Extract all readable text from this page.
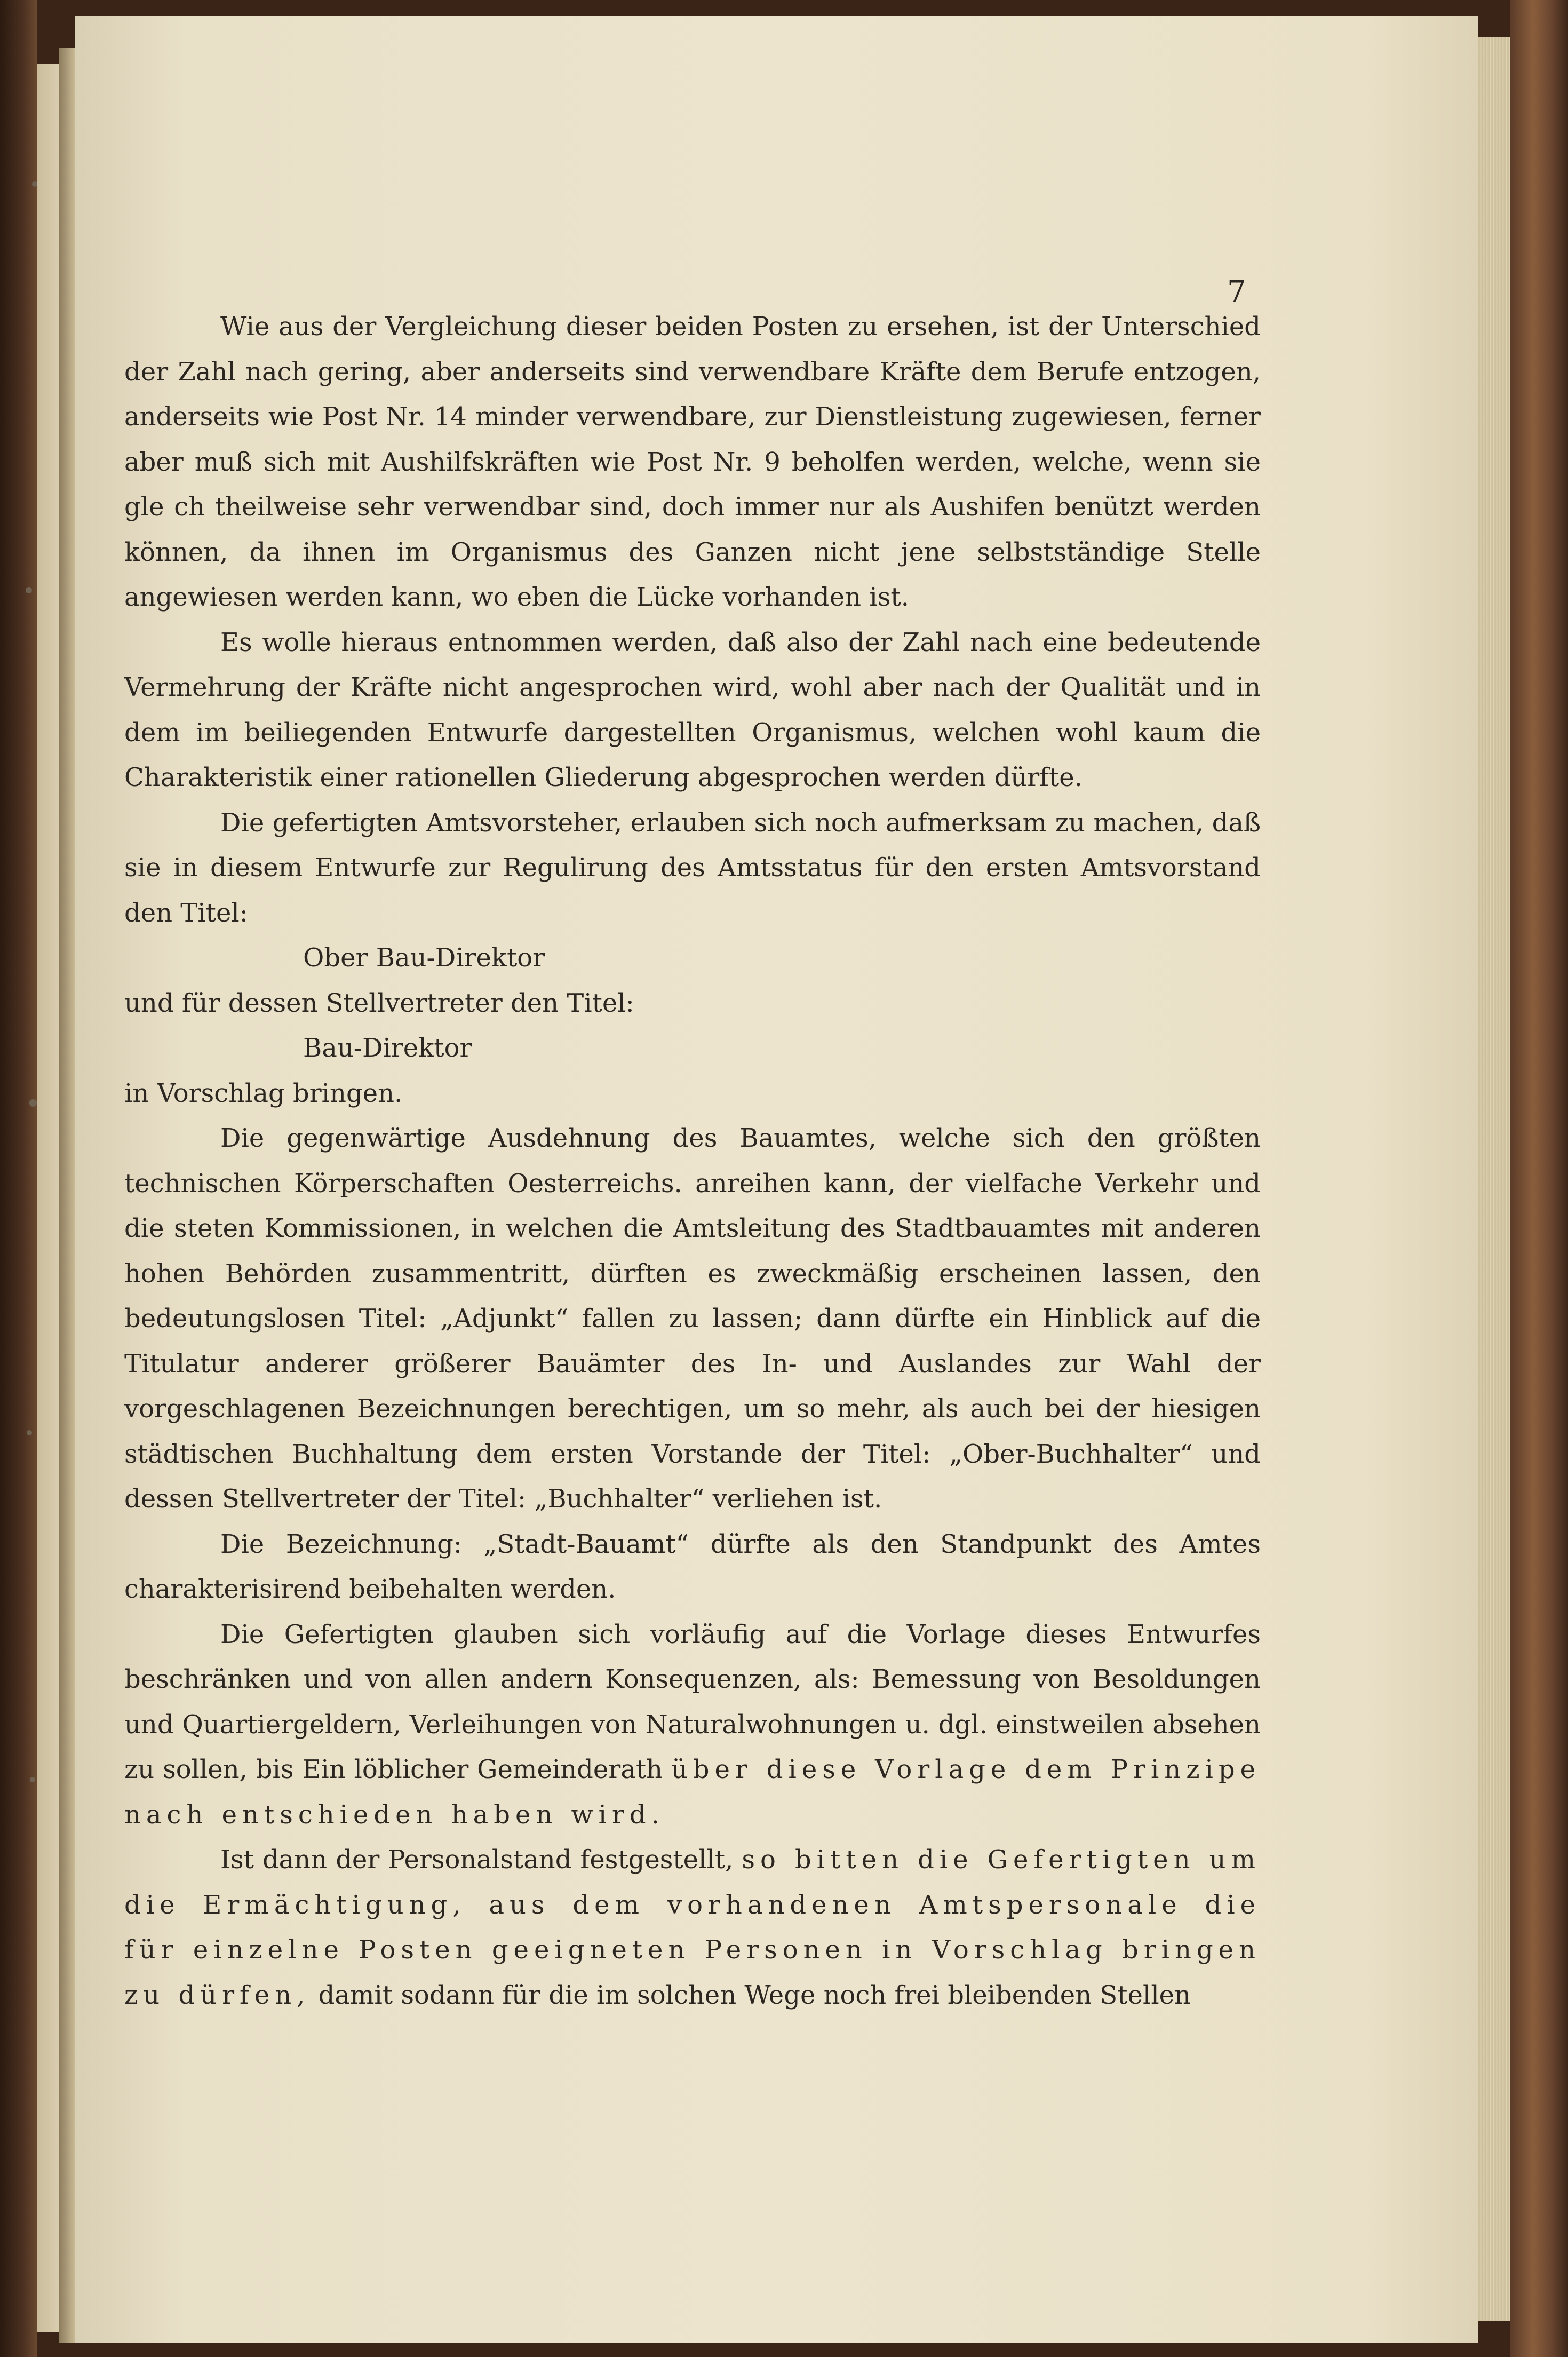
7

Wie aus der Vergleichung dieser beiden Posten zu ersehen, ist der Unterschied der Zahl nach gering, aber anderseits sind verwendbare Kräfte dem Berufe entzogen, anderseits wie Post Nr. 14 minder verwendbare, zur Dienstleistung zugewiesen, ferner aber muß sich mit Aushilfskräften wie Post Nr. 9 beholfen werden, welche, wenn sie gle ch theilweise sehr verwendbar sind, doch immer nur als Aushifen benützt werden können, da ihnen im Organismus des Ganzen nicht jene selbstständige Stelle angewiesen werden kann, wo eben die Lücke vorhanden ist.

Es wolle hieraus entnommen werden, daß also der Zahl nach eine bedeutende Vermehrung der Kräfte nicht angesprochen wird, wohl aber nach der Qualität und in dem im beiliegenden Entwurfe dargestellten Organismus, welchen wohl kaum die Charakteristik einer rationellen Gliederung abgesprochen werden dürfte.

Die gefertigten Amtsvorsteher, erlauben sich noch aufmerksam zu machen, daß sie in diesem Entwurfe zur Regulirung des Amtsstatus für den ersten Amtsvorstand den Titel:

Ober Bau-Direktor

und für dessen Stellvertreter den Titel:

Bau-Direktor

in Vorschlag bringen.

Die gegenwärtige Ausdehnung des Bauamtes, welche sich den größten technischen Körperschaften Oesterreichs. anreihen kann, der vielfache Verkehr und die steten Kommissionen, in welchen die Amtsleitung des Stadtbauamtes mit anderen hohen Behörden zusammentritt, dürften es zweckmäßig erscheinen lassen, den bedeutungslosen Titel: „Adjunkt“ fallen zu lassen; dann dürfte ein Hinblick auf die Titulatur anderer größerer Bauämter des In- und Auslandes zur Wahl der vorgeschlagenen Bezeichnungen berechtigen, um so mehr, als auch bei der hiesigen städtischen Buchhaltung dem ersten Vorstande der Titel: „Ober-Buchhalter“ und dessen Stellvertreter der Titel: „Buchhalter“ verliehen ist.

Die Bezeichnung: „Stadt-Bauamt“ dürfte als den Standpunkt des Amtes charakterisirend beibehalten werden.

Die Gefertigten glauben sich vorläufig auf die Vorlage dieses Entwurfes beschränken und von allen andern Konsequenzen, als: Bemessung von Besoldungen und Quartiergeldern, Verleihungen von Naturalwohnungen u. dgl. einstweilen absehen zu sollen, bis Ein löblicher Gemeinderath über diese Vorlage dem Prinzipe nach entschieden haben wird.

Ist dann der Personalstand festgestellt, so bitten die Gefertigten um die Ermächtigung, aus dem vorhandenen Amtspersonale die für einzelne Posten geeigneten Personen in Vorschlag bringen zu dürfen, damit sodann für die im solchen Wege noch frei bleibenden Stellen
